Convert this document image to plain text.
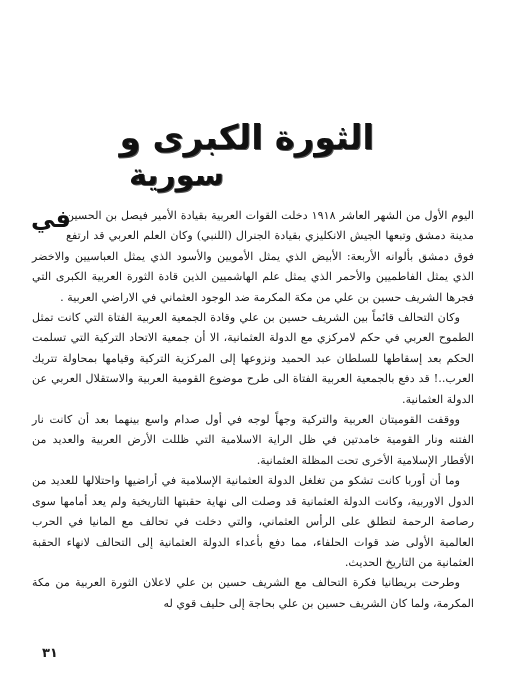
الثورة الكبرى و
سورية
في

اليوم الأول من الشهر العاشر ١٩١٨ دخلت القوات العربية بقيادة الأمير فيصل بن الحسين مدينة دمشق وتبعها الجيش الانكليزي بقيادة الجنرال (اللنبي) وكان العلم العربي قد ارتفع فوق دمشق بألوانه الأربعة: الأبيض الذي يمثل الأمويين والأسود الذي يمثل العباسيين والاخضر الذي يمثل الفاطميين والأحمر الذي يمثل علم الهاشميين الذين قادة الثورة العربية الكبرى التي فجرها الشريف حسين بن علي من مكة المكرمة ضد الوجود العثماني في الاراضي العربية .

وكان التحالف قائماً بين الشريف حسين بن علي وقادة الجمعية العربية الفتاة التي كانت تمثل الطموح العربي في حكم لامركزي مع الدولة العثمانية، الا أن جمعية الاتحاد التركية التي تسلمت الحكم بعد إسقاطها للسلطان عبد الحميد ونزوعها إلى المركزية التركية وقيامها بمحاولة تتريك العرب..! قد دفع بالجمعية العربية الفتاة الى طرح موضوع القومية العربية والاستقلال العربي عن الدولة العثمانية.

ووقفت القوميتان العربية والتركية وجهاً لوجه في أول صدام واسع بينهما بعد أن كانت نار الفتنه ونار القومية خامدتين في ظل الراية الاسلامية التي ظللت الأرض العربية والعديد من الأقطار الإسلامية الأخرى تحت المظلة العثمانية.

وما أن أوربا كانت تشكو من تغلغل الدولة العثمانية الإسلامية في أراضيها واحتلالها للعديد من الدول الاوربية، وكانت الدولة العثمانية قد وصلت الى نهاية حقبتها التاريخية ولم يعد أمامها سوى رصاصة الرحمة لتطلق على الرأس العثماني، والتي دخلت في تحالف مع المانيا في الحرب العالمية الأولى ضد قوات الحلفاء، مما دفع بأعداء الدولة العثمانية إلى التحالف لانهاء الحقبة العثمانية من التاريخ الحديث.

وطرحت بريطانيا فكرة التحالف مع الشريف حسين بن علي لاعلان الثورة العربية من مكة المكرمة، ولما كان الشريف حسين بن علي بحاجة إلى حليف قوي له

٣١
